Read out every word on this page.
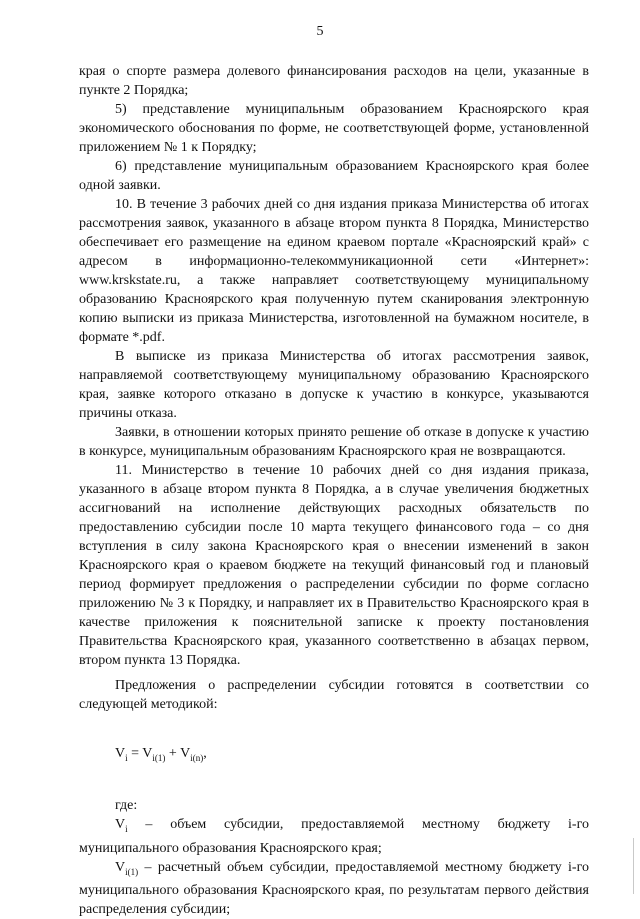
5

края о спорте размера долевого финансирования расходов на цели, указанные в пункте 2 Порядка;

5) представление муниципальным образованием Красноярского края экономического обоснования по форме, не соответствующей форме, установленной приложением № 1 к Порядку;

6) представление муниципальным образованием Красноярского края более одной заявки.

10. В течение 3 рабочих дней со дня издания приказа Министерства об итогах рассмотрения заявок, указанного в абзаце втором пункта 8 Порядка, Министерство обеспечивает его размещение на едином краевом портале «Красноярский край» с адресом в информационно-телекоммуникационной сети «Интернет»: www.krskstate.ru, а также направляет соответствующему муниципальному образованию Красноярского края полученную путем сканирования электронную копию выписки из приказа Министерства, изготовленной на бумажном носителе, в формате *.pdf.

В выписке из приказа Министерства об итогах рассмотрения заявок, направляемой соответствующему муниципальному образованию Красноярского края, заявке которого отказано в допуске к участию в конкурсе, указываются причины отказа.

Заявки, в отношении которых принято решение об отказе в допуске к участию в конкурсе, муниципальным образованиям Красноярского края не возвращаются.

11. Министерство в течение 10 рабочих дней со дня издания приказа, указанного в абзаце втором пункта 8 Порядка, а в случае увеличения бюджетных ассигнований на исполнение действующих расходных обязательств по предоставлению субсидии после 10 марта текущего финансового года – со дня вступления в силу закона Красноярского края о внесении изменений в закон Красноярского края о краевом бюджете на текущий финансовый год и плановый период формирует предложения о распределении субсидии по форме согласно приложению № 3 к Порядку, и направляет их в Правительство Красноярского края в качестве приложения к пояснительной записке к проекту постановления Правительства Красноярского края, указанного соответственно в абзацах первом, втором пункта 13 Порядка.

Предложения о распределении субсидии готовятся в соответствии со следующей методикой:

$V_i = V_{i(1)} + V_{i(n)}$,
где:

$V_i$ – объем субсидии, предоставляемой местному бюджету i-го муниципального образования Красноярского края;

$V_{i(1)}$ – расчетный объем субсидии, предоставляемой местному бюджету i-го муниципального образования Красноярского края, по результатам первого действия распределения субсидии;
